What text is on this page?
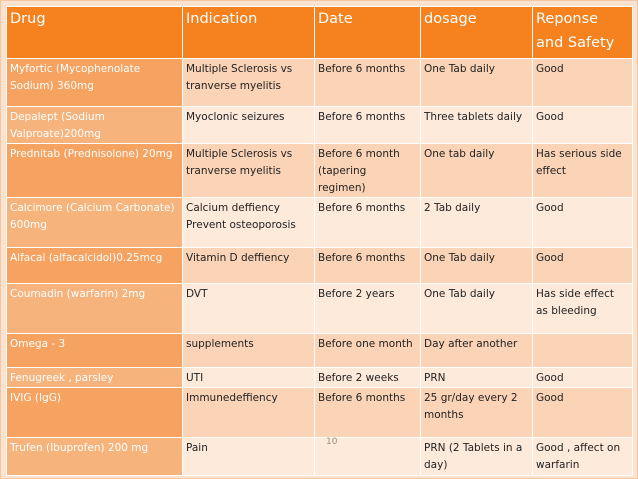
Drug	Indication	Date	dosage	Reponse and Safety
Myfortic (Mycophenolate Sodium) 360mg	Multiple Sclerosis vs tranverse myelitis	Before 6 months	One Tab daily	Good
Depalept (Sodium Valproate)200mg	Myoclonic seizures	Before 6 months	Three tablets daily	Good
Prednitab (Prednisolone) 20mg	Multiple Sclerosis vs tranverse myelitis	Before 6 month (tapering regimen)	One tab daily	Has serious side effect
Calcimore (Calcium Carbonate) 600mg	Calcium deffiency Prevent osteoporosis	Before 6 months	2 Tab daily	Good
Alfacal (alfacalcidol)0.25mcg	Vitamin D deffiency	Before 6 months	One Tab daily	Good
Coumadin (warfarin) 2mg	DVT	Before 2 years	One Tab daily	Has side effect as bleeding
Omega - 3	supplements	Before one month	Day after another	
Fenugreek , parsley	UTI	Before 2 weeks	PRN	Good
IVIG (IgG)	Immunedeffiency	Before 6 months	25 gr/day every 2 months	Good
Trufen (Ibuprofen) 200 mg	Pain		PRN (2 Tablets in a day)	Good , affect on warfarin
10
